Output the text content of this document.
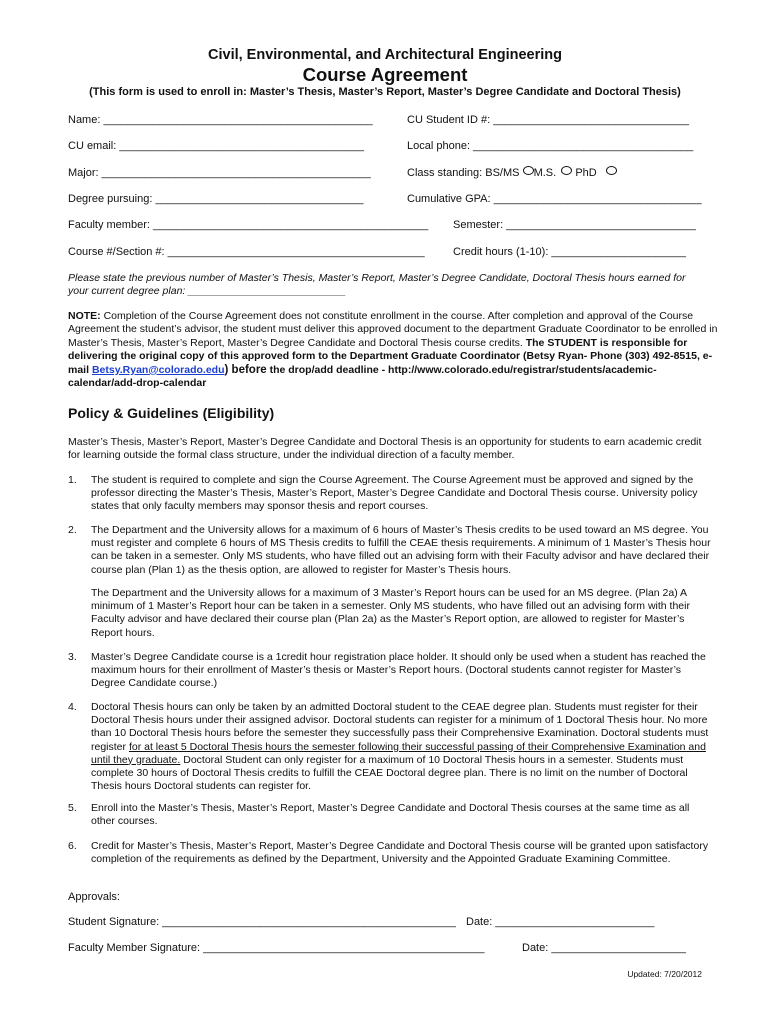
Civil, Environmental, and Architectural Engineering
Course Agreement
(This form is used to enroll in: Master’s Thesis, Master’s Report, Master’s Degree Candidate and Doctoral Thesis)
Name: ____________________________________________	CU Student ID #: ________________________________
CU email: ________________________________________	Local phone: ____________________________________
Major: ____________________________________________	Class standing: BS/MS M.S. PhD
Degree pursuing: __________________________________	Cumulative GPA: __________________________________
Faculty member: _____________________________________________ Semester: _______________________________
Course #/Section #: __________________________________________	Credit hours (1-10): ______________________
Please state the previous number of Master’s Thesis, Master’s Report, Master’s Degree Candidate, Doctoral Thesis hours earned for your current degree plan: ___________________________
NOTE: Completion of the Course Agreement does not constitute enrollment in the course. After completion and approval of the Course Agreement the student’s advisor, the student must deliver this approved document to the department Graduate Coordinator to be enrolled in Master’s Thesis, Master’s Report, Master’s Degree Candidate and Doctoral Thesis course credits. The STUDENT is responsible for delivering the original copy of this approved form to the Department Graduate Coordinator (Betsy Ryan- Phone (303) 492-8515, e-mail Betsy.Ryan@colorado.edu) before the drop/add deadline - http://www.colorado.edu/registrar/students/academic-calendar/add-drop-calendar
Policy & Guidelines (Eligibility)
Master’s Thesis, Master’s Report, Master’s Degree Candidate and Doctoral Thesis is an opportunity for students to earn academic credit for learning outside the formal class structure, under the individual direction of a faculty member.
1. The student is required to complete and sign the Course Agreement. The Course Agreement must be approved and signed by the professor directing the Master’s Thesis, Master’s Report, Master’s Degree Candidate and Doctoral Thesis course. University policy states that only faculty members may sponsor thesis and report courses.
2. The Department and the University allows for a maximum of 6 hours of Master’s Thesis credits to be used toward an MS degree. You must register and complete 6 hours of MS Thesis credits to fulfill the CEAE thesis requirements. A minimum of 1 Master’s Thesis hour can be taken in a semester. Only MS students, who have filled out an advising form with their Faculty advisor and have declared their course plan (Plan 1) as the thesis option, are allowed to register for Master’s Thesis hours.
The Department and the University allows for a maximum of 3 Master’s Report hours can be used for an MS degree. (Plan 2a) A minimum of 1 Master’s Report hour can be taken in a semester. Only MS students, who have filled out an advising form with their Faculty advisor and have declared their course plan (Plan 2a) as the Master’s Report option, are allowed to register for Master’s Report hours.
3. Master’s Degree Candidate course is a 1credit hour registration place holder. It should only be used when a student has reached the maximum hours for their enrollment of Master’s thesis or Master’s Report hours. (Doctoral students cannot register for Master’s Degree Candidate course.)
4. Doctoral Thesis hours can only be taken by an admitted Doctoral student to the CEAE degree plan. Students must register for their Doctoral Thesis hours under their assigned advisor. Doctoral students can register for a minimum of 1 Doctoral Thesis hour. No more than 10 Doctoral Thesis hours before the semester they successfully pass their Comprehensive Examination. Doctoral students must register for at least 5 Doctoral Thesis hours the semester following their successful passing of their Comprehensive Examination and until they graduate. Doctoral Student can only register for a maximum of 10 Doctoral Thesis hours in a semester. Students must complete 30 hours of Doctoral Thesis credits to fulfill the CEAE Doctoral degree plan. There is no limit on the number of Doctoral Thesis hours Doctoral students can register for.
5. Enroll into the Master’s Thesis, Master’s Report, Master’s Degree Candidate and Doctoral Thesis courses at the same time as all other courses.
6. Credit for Master’s Thesis, Master’s Report, Master’s Degree Candidate and Doctoral Thesis course will be granted upon satisfactory completion of the requirements as defined by the Department, University and the Appointed Graduate Examining Committee.
Approvals:
Student Signature: ________________________________________________ Date: __________________________
Faculty Member Signature: ______________________________________________	Date: ______________________
Updated: 7/20/2012
